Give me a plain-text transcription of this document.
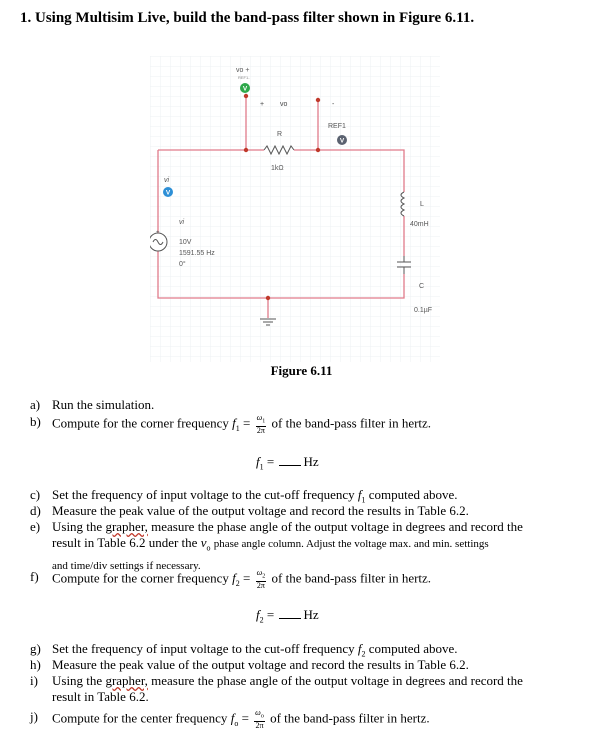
1. Using Multisim Live, build the band-pass filter shown in Figure 6.11.
vo +
REF1-
V
+ vo	-
REF1
V
R
1kΩ
vi
V
+
vi
10V
1591.55 Hz
0°
L
40mH
C
0.1µF
Figure 6.11
a) Run the simulation.
b) Compute for the corner frequency $f_1 = \frac{\omega_1}{2\pi}$ of the band-pass filter in hertz.
$f_1 = Hz$
c) Set the frequency of input voltage to the cut-off frequency $f_1$ computed above.
d) Measure the peak value of the output voltage and record the results in Table 6.2.
e) Using the grapher, measure the phase angle of the output voltage in degrees and record the
result in Table 6.2 under the $v_o$ phase angle column. Adjust the voltage max. and min. settings
and time/div settings if necessary.
f) Compute for the corner frequency $f_2 = \frac{\omega_2}{2\pi}$ of the band-pass filter in hertz.
$f_2 = Hz$
g) Set the frequency of input voltage to the cut-off frequency $f_2$ computed above.
h) Measure the peak value of the output voltage and record the results in Table 6.2.
i) Using the grapher, measure the phase angle of the output voltage in degrees and record the
result in Table 6.2.
j) Compute for the center frequency $f_o = \frac{\omega_o}{2\pi}$ of the band-pass filter in hertz.
